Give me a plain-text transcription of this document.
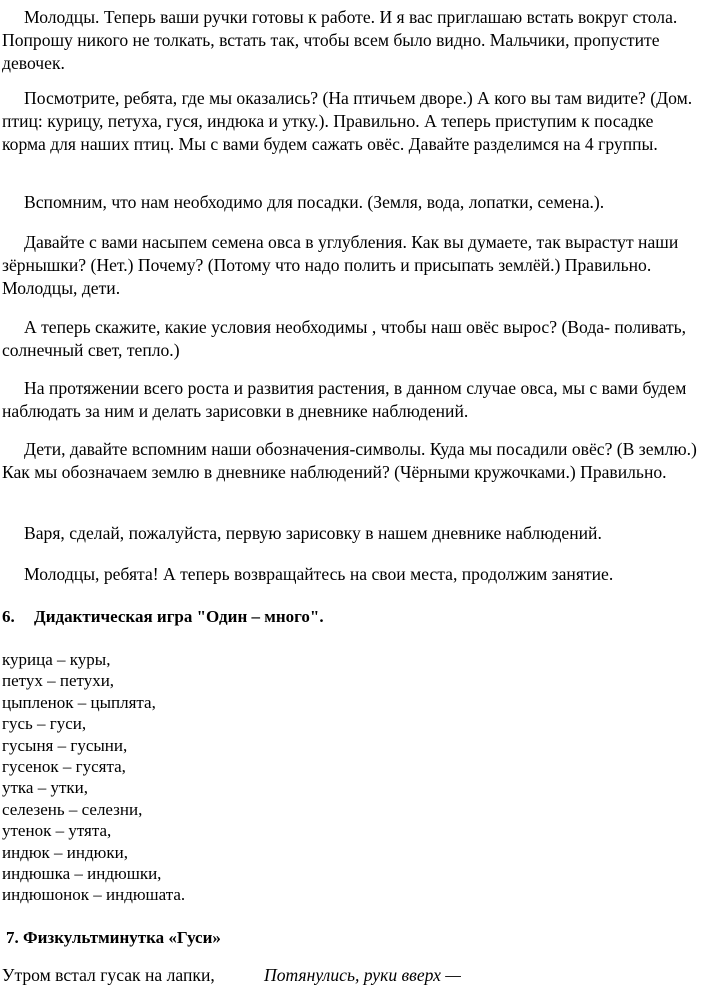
Молодцы. Теперь ваши ручки готовы к работе. И я вас приглашаю встать вокруг стола. Попрошу никого не толкать, встать так, чтобы всем было видно. Мальчики, пропустите девочек.

Посмотрите, ребята, где мы оказались? (На птичьем дворе.) А кого вы там видите? (Дом. птиц: курицу, петуха, гуся, индюка и утку.). Правильно. А теперь приступим к посадке корма для наших птиц. Мы с вами будем сажать овёс. Давайте разделимся на 4 группы.

Вспомним, что нам необходимо для посадки. (Земля, вода, лопатки, семена.).

Давайте с вами насыпем семена овса в углубления. Как вы думаете, так вырастут наши зёрнышки? (Нет.) Почему? (Потому что надо полить и присыпать землёй.) Правильно. Молодцы, дети.

А теперь скажите, какие условия необходимы , чтобы наш овёс вырос? (Вода- поливать, солнечный свет, тепло.)

На протяжении всего роста и развития растения, в данном случае овса, мы с вами будем наблюдать за ним и делать зарисовки в дневнике наблюдений.

Дети, давайте вспомним наши обозначения-символы. Куда мы посадили овёс? (В землю.) Как мы обозначаем землю в дневнике наблюдений? (Чёрными кружочками.) Правильно.

Варя, сделай, пожалуйста, первую зарисовку в нашем дневнике наблюдений.

Молодцы, ребята! А теперь возвращайтесь на свои места, продолжим занятие.

6. Дидактическая игра "Один – много".
курица – куры,
петух – петухи,
цыпленок – цыплята,
гусь – гуси,
гусыня – гусыни,
гусенок – гусята,
утка – утки,
селезень – селезни,
утенок – утята,
индюк – индюки,
индюшка – индюшки,
индюшонок – индюшата.
7. Физкультминутка «Гуси»
Утром встал гусак на лапки,	Потянулись, руки вверх —
